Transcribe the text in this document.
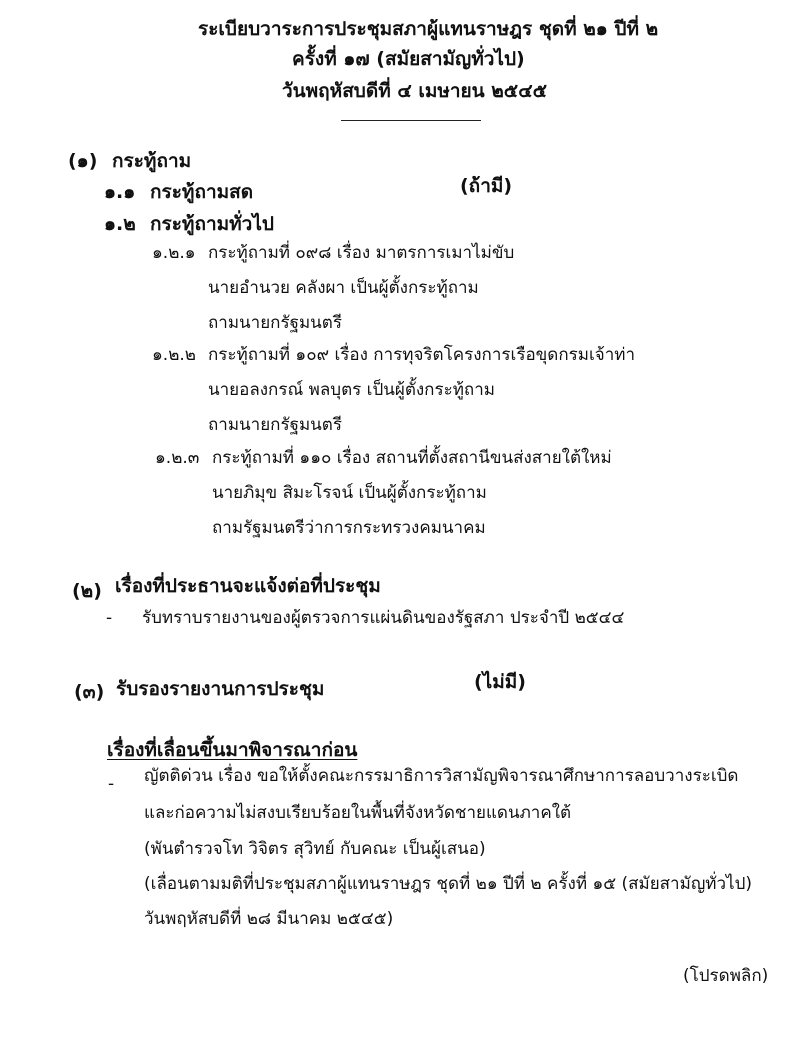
ระเบียบวาระการประชุมสภาผู้แทนราษฎร ชุดที่ ๒๑ ปีที่ ๒
ครั้งที่ ๑๗ (สมัยสามัญทั่วไป)
วันพฤหัสบดีที่ ๔ เมษายน ๒๕๔๕
(๑) กระทู้ถาม
๑.๑ กระทู้ถามสด	(ถ้ามี)
๑.๒ กระทู้ถามทั่วไป
๑.๒.๑ กระทู้ถามที่ ๐๙๘ เรื่อง มาตรการเมาไม่ขับ
นายอำนวย คลังผา เป็นผู้ตั้งกระทู้ถาม
ถามนายกรัฐมนตรี
๑.๒.๒ กระทู้ถามที่ ๑๐๙ เรื่อง การทุจริตโครงการเรือขุดกรมเจ้าท่า
นายอลงกรณ์ พลบุตร เป็นผู้ตั้งกระทู้ถาม
ถามนายกรัฐมนตรี
๑.๒.๓ กระทู้ถามที่ ๑๑๐ เรื่อง สถานที่ตั้งสถานีขนส่งสายใต้ใหม่
นายภิมุข สิมะโรจน์ เป็นผู้ตั้งกระทู้ถาม
ถามรัฐมนตรีว่าการกระทรวงคมนาคม
(๒) เรื่องที่ประธานจะแจ้งต่อที่ประชุม
- รับทราบรายงานของผู้ตรวจการแผ่นดินของรัฐสภา ประจำปี ๒๕๔๔
(๓) รับรองรายงานการประชุม	(ไม่มี)
เรื่องที่เลื่อนขึ้นมาพิจารณาก่อน
- ญัตติด่วน เรื่อง ขอให้ตั้งคณะกรรมาธิการวิสามัญพิจารณาศึกษาการลอบวางระเบิด
และก่อความไม่สงบเรียบร้อยในพื้นที่จังหวัดชายแดนภาคใต้
(พันตำรวจโท วิจิตร สุวิทย์ กับคณะ เป็นผู้เสนอ)
(เลื่อนตามมติที่ประชุมสภาผู้แทนราษฎร ชุดที่ ๒๑ ปีที่ ๒ ครั้งที่ ๑๕ (สมัยสามัญทั่วไป)
วันพฤหัสบดีที่ ๒๘ มีนาคม ๒๕๔๕)
(โปรดพลิก)
